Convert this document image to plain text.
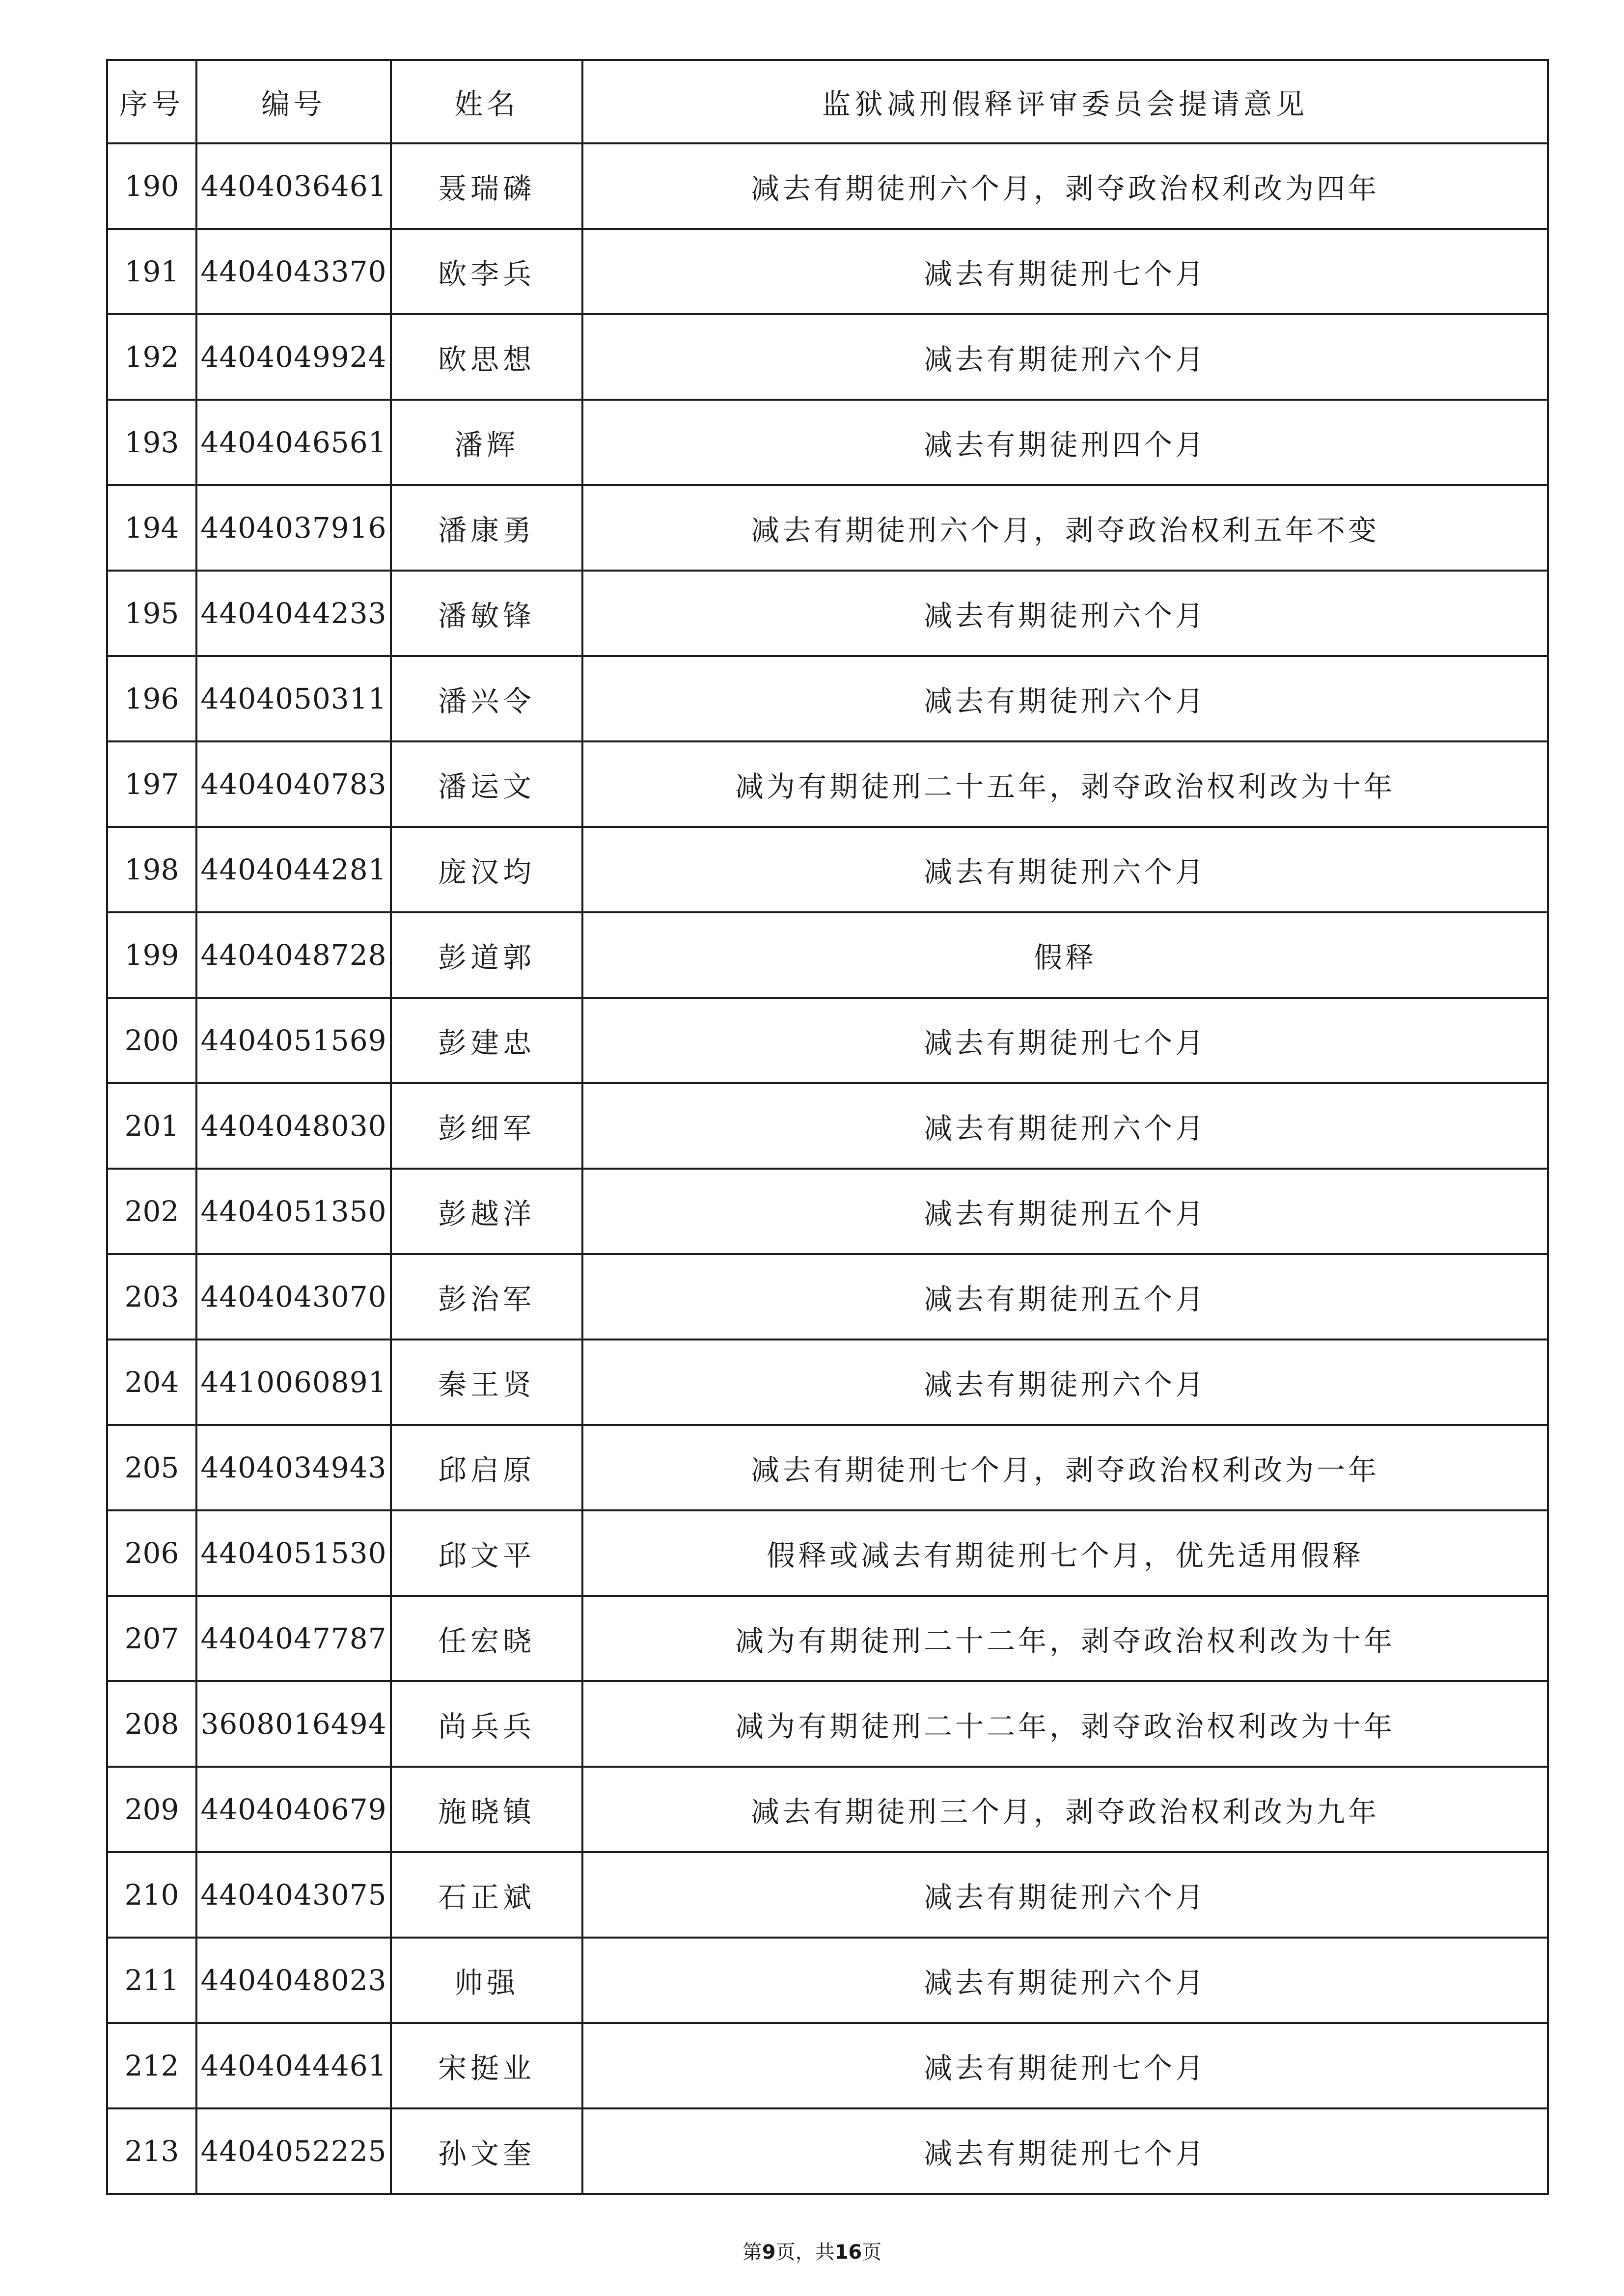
序号	编号	姓名	监狱减刑假释评审委员会提请意见
190	4404036461	聂瑞磷	减去有期徒刑六个月，剥夺政治权利改为四年
191	4404043370	欧李兵	减去有期徒刑七个月
192	4404049924	欧思想	减去有期徒刑六个月
193	4404046561	潘辉	减去有期徒刑四个月
194	4404037916	潘康勇	减去有期徒刑六个月，剥夺政治权利五年不变
195	4404044233	潘敏锋	减去有期徒刑六个月
196	4404050311	潘兴令	减去有期徒刑六个月
197	4404040783	潘运文	减为有期徒刑二十五年，剥夺政治权利改为十年
198	4404044281	庞汉均	减去有期徒刑六个月
199	4404048728	彭道郭	假释
200	4404051569	彭建忠	减去有期徒刑七个月
201	4404048030	彭细军	减去有期徒刑六个月
202	4404051350	彭越洋	减去有期徒刑五个月
203	4404043070	彭治军	减去有期徒刑五个月
204	4410060891	秦王贤	减去有期徒刑六个月
205	4404034943	邱启原	减去有期徒刑七个月，剥夺政治权利改为一年
206	4404051530	邱文平	假释或减去有期徒刑七个月，优先适用假释
207	4404047787	任宏晓	减为有期徒刑二十二年，剥夺政治权利改为十年
208	3608016494	尚兵兵	减为有期徒刑二十二年，剥夺政治权利改为十年
209	4404040679	施晓镇	减去有期徒刑三个月，剥夺政治权利改为九年
210	4404043075	石正斌	减去有期徒刑六个月
211	4404048023	帅强	减去有期徒刑六个月
212	4404044461	宋挺业	减去有期徒刑七个月
213	4404052225	孙文奎	减去有期徒刑七个月
第9页，共16页
